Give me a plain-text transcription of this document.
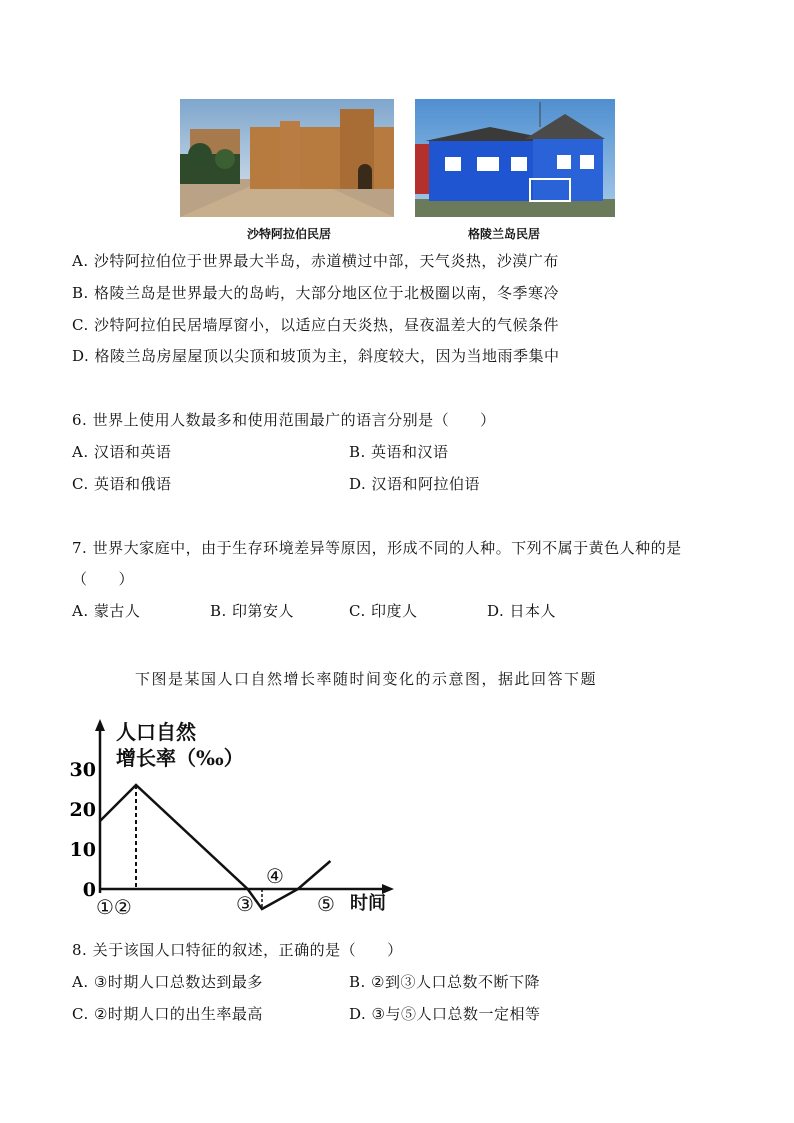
沙特阿拉伯民居	格陵兰岛民居
A. 沙特阿拉伯位于世界最大半岛，赤道横过中部，天气炎热，沙漠广布
B. 格陵兰岛是世界最大的岛屿，大部分地区位于北极圈以南，冬季寒冷
C. 沙特阿拉伯民居墙厚窗小，以适应白天炎热，昼夜温差大的气候条件
D. 格陵兰岛房屋屋顶以尖顶和坡顶为主，斜度较大，因为当地雨季集中
6. 世界上使用人数最多和使用范围最广的语言分别是（　　）
A. 汉语和英语	B. 英语和汉语
C. 英语和俄语	D. 汉语和阿拉伯语
7. 世界大家庭中，由于生存环境差异等原因，形成不同的人种。下列不属于黄色人种的是
（　　）
A. 蒙古人	B. 印第安人	C. 印度人	D. 日本人
下图是某国人口自然增长率随时间变化的示意图，据此回答下题
人口自然
增长率（‰）
时间
0
10
20
30
①②	③
④
⑤
8. 关于该国人口特征的叙述，正确的是（　　）
A. ③时期人口总数达到最多	B. ②到③人口总数不断下降
C. ②时期人口的出生率最高	D. ③与⑤人口总数一定相等
